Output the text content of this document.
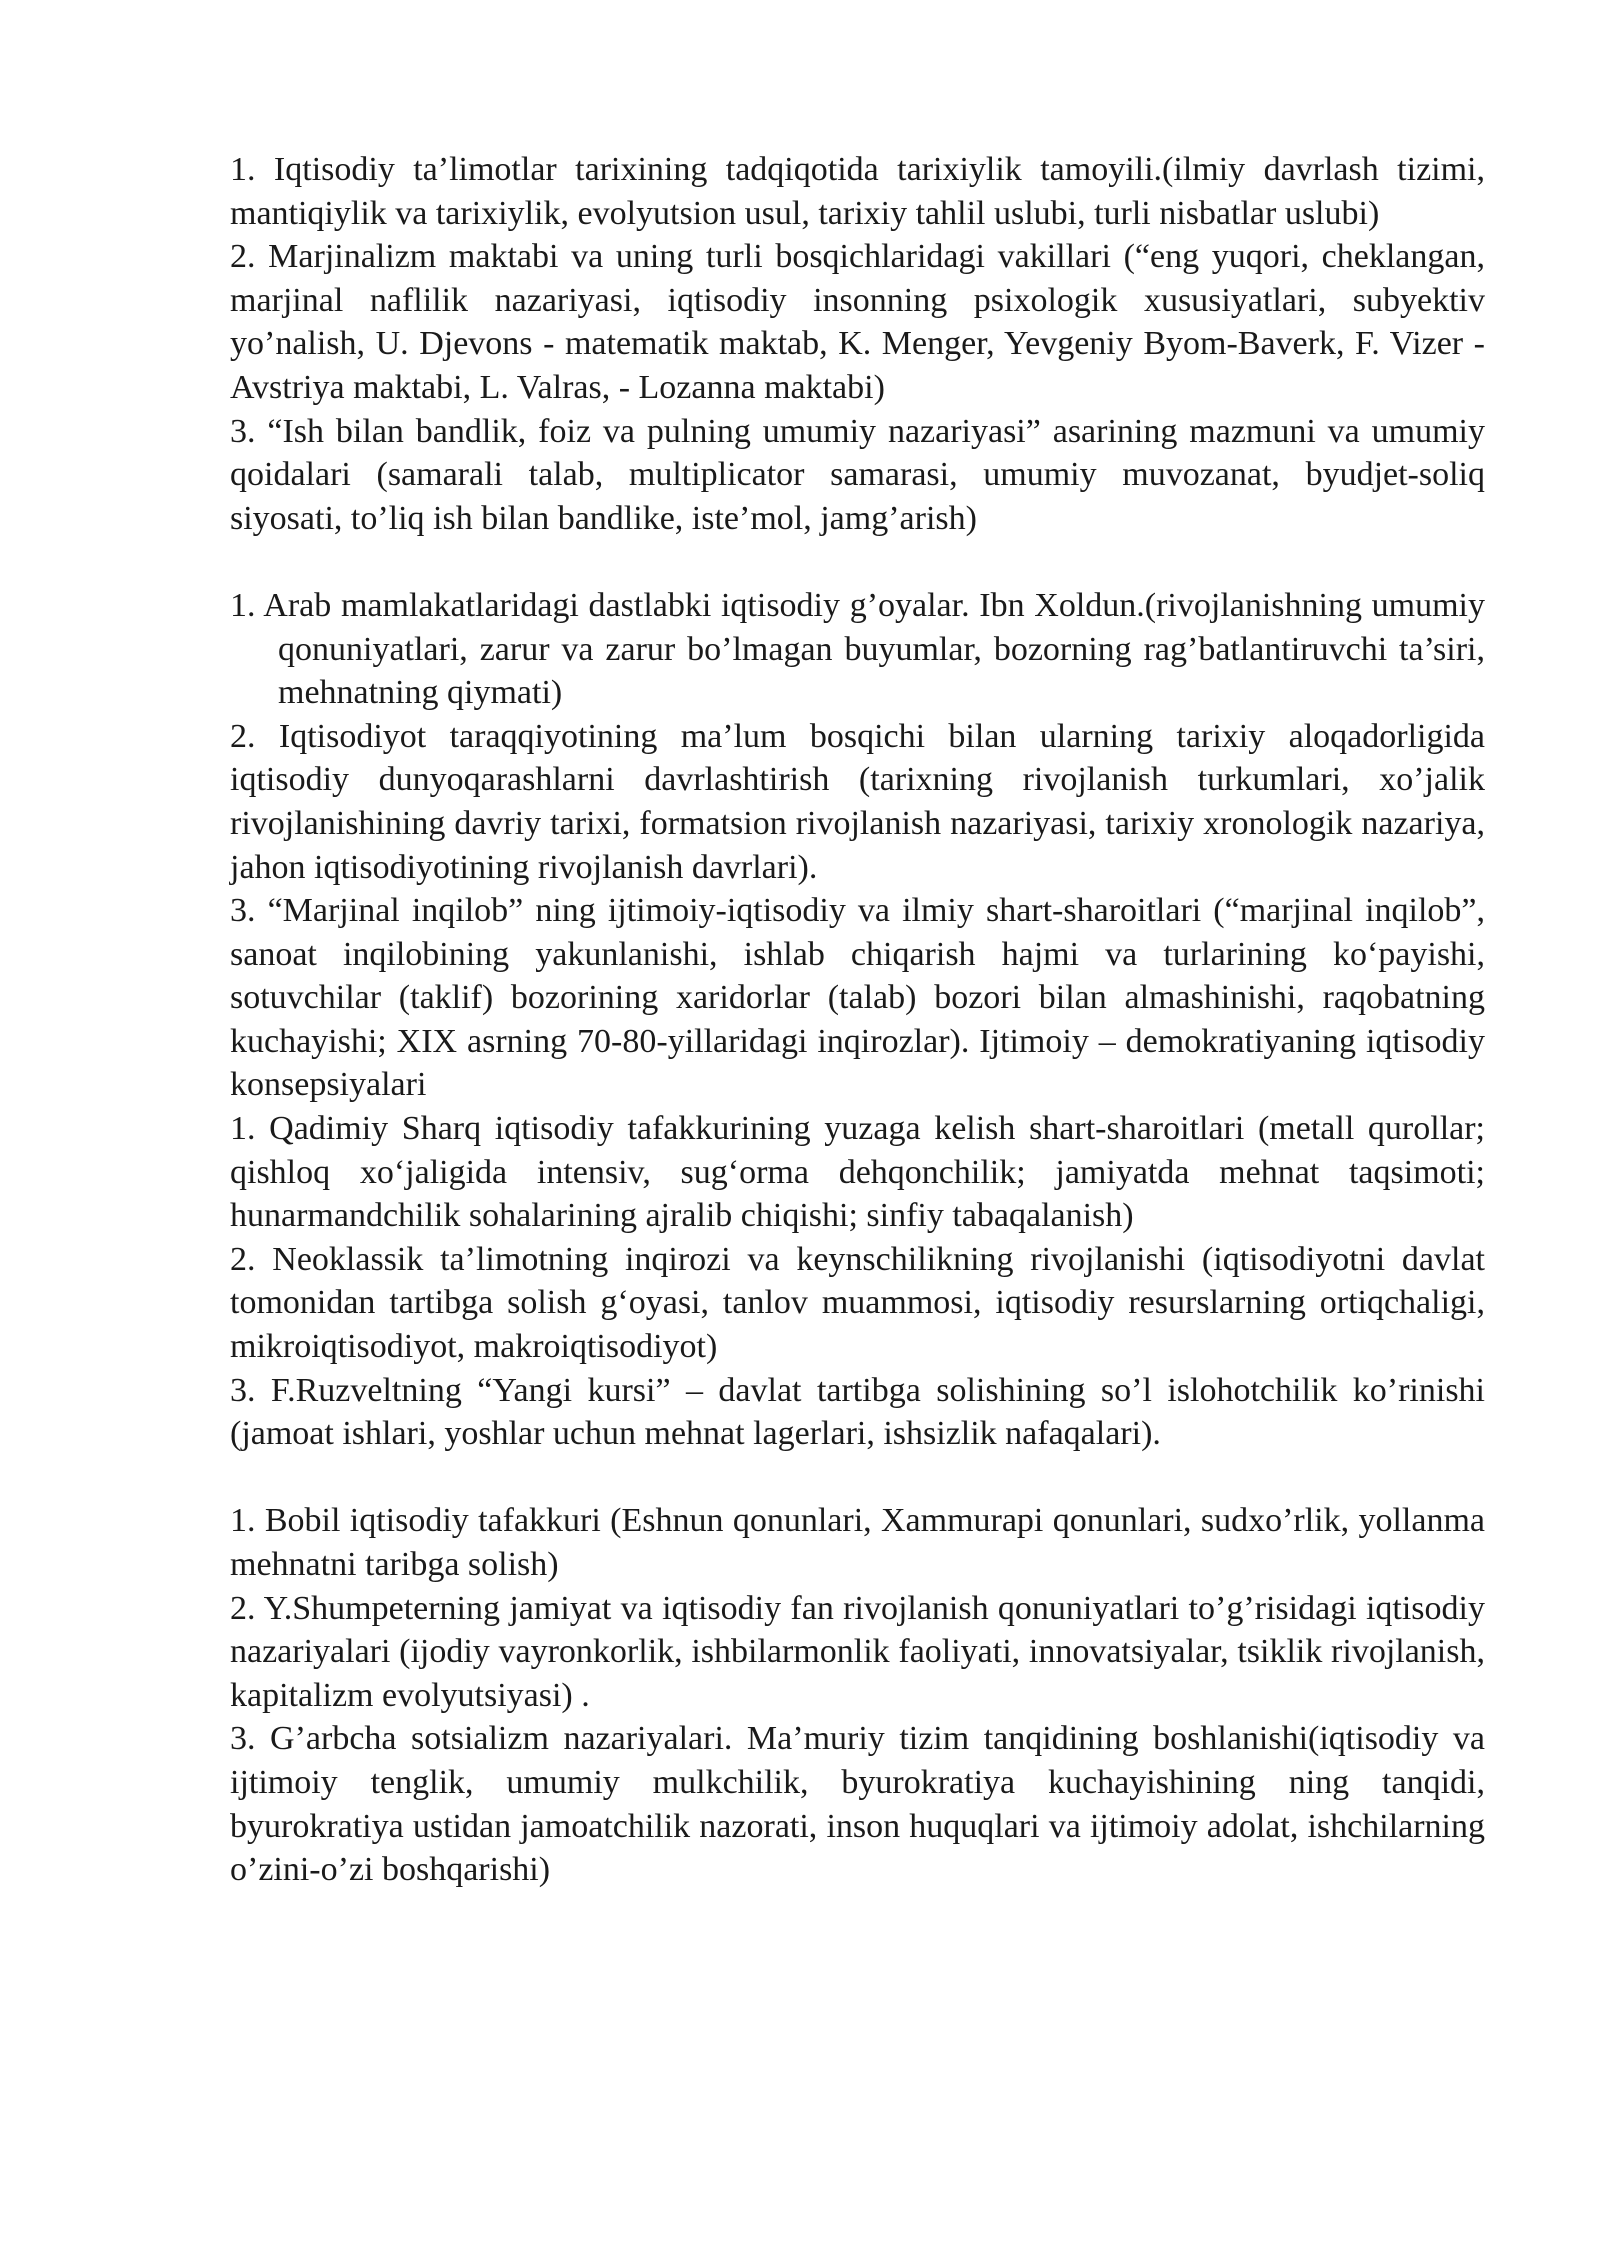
1. Iqtisodiy ta’limotlar tarixining tadqiqotida tarixiylik tamoyili.(ilmiy davrlash tizimi, mantiqiylik va tarixiylik, evolyutsion usul, tarixiy tahlil uslubi, turli nisbatlar uslubi)

2. Marjinalizm maktabi va uning turli bosqichlaridagi vakillari (“eng yuqori, cheklangan, marjinal naflilik nazariyasi, iqtisodiy insonning psixologik xususiyatlari, subyektiv yo’nalish, U. Djevons - matematik maktab, K. Menger, Yevgeniy Byom-Baverk, F. Vizer - Avstriya maktabi, L. Valras, - Lozanna maktabi)

3. “Ish bilan bandlik, foiz va pulning umumiy nazariyasi” asarining mazmuni va umumiy qoidalari (samarali talab, multiplicator samarasi, umumiy muvozanat, byudjet-soliq siyosati, to’liq ish bilan bandlike, iste’mol, jamg’arish)

1. Arab mamlakatlaridagi dastlabki iqtisodiy g’oyalar. Ibn Xoldun.(rivojlanishning umumiy qonuniyatlari, zarur va zarur bo’lmagan buyumlar, bozorning rag’batlantiruvchi ta’siri, mehnatning qiymati)

2. Iqtisodiyot taraqqiyotining ma’lum bosqichi bilan ularning tarixiy aloqadorligida iqtisodiy dunyoqarashlarni davrlashtirish (tarixning rivojlanish turkumlari, xo’jalik rivojlanishining davriy tarixi, formatsion rivojlanish nazariyasi, tarixiy xronologik nazariya, jahon iqtisodiyotining rivojlanish davrlari).

3. “Marjinal inqilob” ning ijtimoiy-iqtisodiy va ilmiy shart-sharoitlari (“marjinal inqilob”, sanoat inqilobining yakunlanishi, ishlab chiqarish hajmi va turlarining ko‘payishi, sotuvchilar (taklif) bozorining xaridorlar (talab) bozori bilan almashinishi, raqobatning kuchayishi; XIX asrning 70-80-yillaridagi inqirozlar). Ijtimoiy – demokratiyaning iqtisodiy konsepsiyalari

1. Qadimiy Sharq iqtisodiy tafakkurining yuzaga kelish shart-sharoitlari (metall qurollar; qishloq xo‘jaligida intensiv, sug‘orma dehqonchilik; jamiyatda mehnat taqsimoti; hunarmandchilik sohalarining ajralib chiqishi; sinfiy tabaqalanish)

2. Neoklassik ta’limotning inqirozi va keynschilikning rivojlanishi (iqtisodiyotni davlat tomonidan tartibga solish g‘oyasi, tanlov muammosi, iqtisodiy resurslarning ortiqchaligi, mikroiqtisodiyot, makroiqtisodiyot)

3. F.Ruzveltning “Yangi kursi” – davlat tartibga solishining so’l islohotchilik ko’rinishi (jamoat ishlari, yoshlar uchun mehnat lagerlari, ishsizlik nafaqalari).

1. Bobil iqtisodiy tafakkuri (Eshnun qonunlari, Xammurapi qonunlari, sudxo’rlik, yollanma mehnatni taribga solish)

2. Y.Shumpeterning jamiyat va iqtisodiy fan rivojlanish qonuniyatlari to’g’risidagi iqtisodiy nazariyalari (ijodiy vayronkorlik, ishbilarmonlik faoliyati, innovatsiyalar, tsiklik rivojlanish, kapitalizm evolyutsiyasi) .

3. G’arbcha sotsializm nazariyalari. Ma’muriy tizim tanqidining boshlanishi(iqtisodiy va ijtimoiy tenglik, umumiy mulkchilik, byurokratiya kuchayishining ning tanqidi, byurokratiya ustidan jamoatchilik nazorati, inson huquqlari va ijtimoiy adolat, ishchilarning o’zini-o’zi boshqarishi)
